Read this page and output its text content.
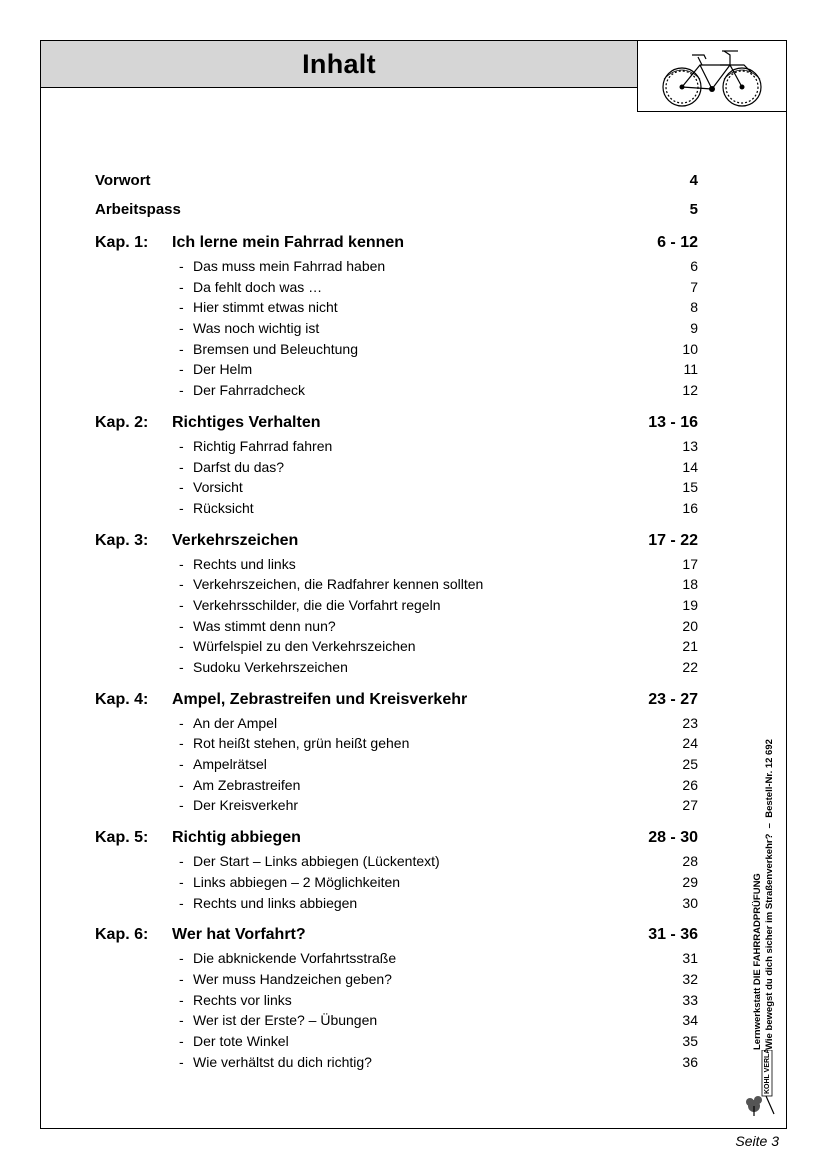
Inhalt
Vorwort	4
Arbeitspass	5
Kap. 1:	Ich lerne mein Fahrrad kennen	6 - 12
- Das muss mein Fahrrad haben	6
- Da fehlt doch was …	7
- Hier stimmt etwas nicht	8
- Was noch wichtig ist	9
- Bremsen und Beleuchtung	10
- Der Helm	11
- Der Fahrradcheck	12
Kap. 2:	Richtiges Verhalten	13 - 16
- Richtig Fahrrad fahren	13
- Darfst du das?	14
- Vorsicht	15
- Rücksicht	16
Kap. 3:	Verkehrszeichen	17 - 22
- Rechts und links	17
- Verkehrszeichen, die Radfahrer kennen sollten	18
- Verkehrsschilder, die die Vorfahrt regeln	19
- Was stimmt denn nun?	20
- Würfelspiel zu den Verkehrszeichen	21
- Sudoku Verkehrszeichen	22
Kap. 4:	Ampel, Zebrastreifen und Kreisverkehr	23 - 27
- An der Ampel	23
- Rot heißt stehen, grün heißt gehen	24
- Ampelrätsel	25
- Am Zebrastreifen	26
- Der Kreisverkehr	27
Kap. 5:	Richtig abbiegen	28 - 30
- Der Start – Links abbiegen (Lückentext)	28
- Links abbiegen – 2 Möglichkeiten	29
- Rechts und links abbiegen	30
Kap. 6:	Wer hat Vorfahrt?	31 - 36
- Die abknickende Vorfahrtsstraße	31
- Wer muss Handzeichen geben?	32
- Rechts vor links	33
- Wer ist der Erste? – Übungen	34
- Der tote Winkel	35
- Wie verhältst du dich richtig?	36
Lernwerkstatt DIE FAHRRADPRÜFUNG Wie bewegst du dich sicher im Straßenverkehr?  –  Bestell-Nr. 12 692
KOHL VERLAG
Seite 3
